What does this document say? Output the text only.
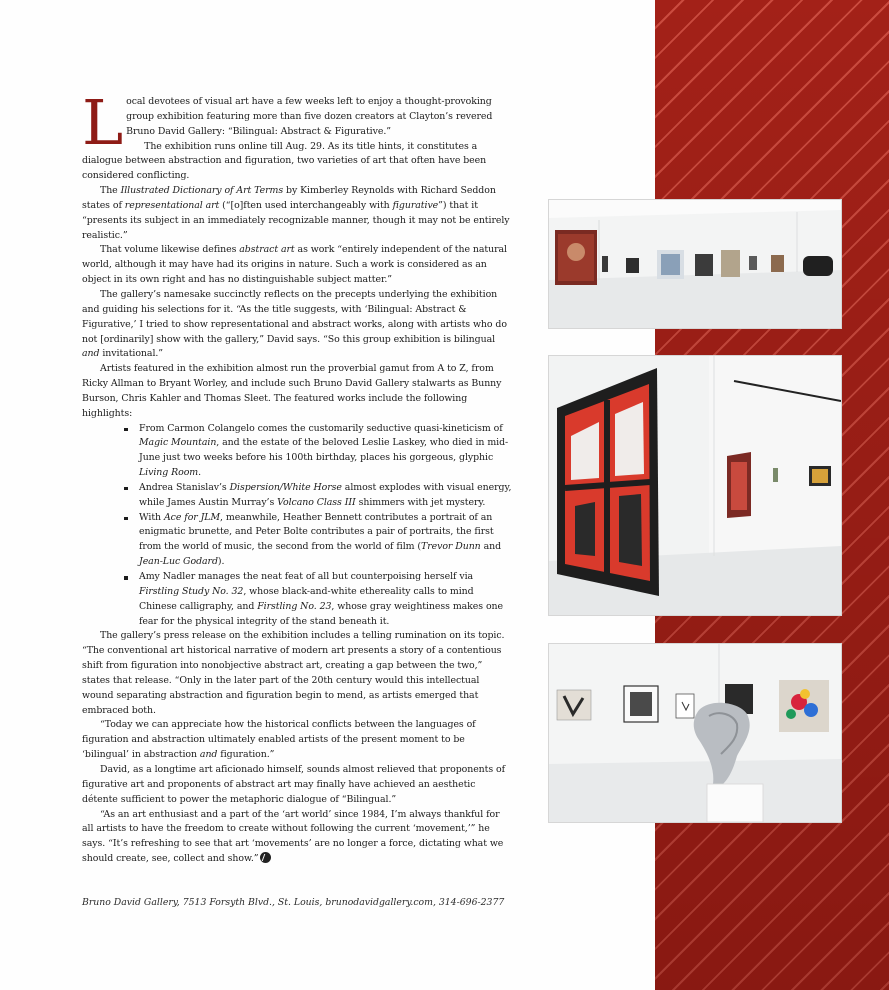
Local devotees of visual art have a few weeks left to enjoy a thought-provoking group exhibition featuring more than five dozen creators at Clayton’s revered Bruno David Gallery: “Bilingual: Abstract & Figurative.”

The exhibition runs online till Aug. 29. As its title hints, it constitutes a dialogue between abstraction and figuration, two varieties of art that often have been considered conflicting.

The Illustrated Dictionary of Art Terms by Kimberley Reynolds with Richard Seddon states of representational art (“[o]ften used interchangeably with figurative”) that it “presents its subject in an immediately recognizable manner, though it may not be entirely realistic.”

That volume likewise defines abstract art as work “entirely independent of the natural world, although it may have had its origins in nature. Such a work is considered as an object in its own right and has no distinguishable subject matter.”

The gallery’s namesake succinctly reflects on the precepts underlying the exhibition and guiding his selections for it. “As the title suggests, with ‘Bilingual: Abstract & Figurative,’ I tried to show representational and abstract works, along with artists who do not [ordinarily] show with the gallery,” David says. “So this group exhibition is bilingual and invitational.”

Artists featured in the exhibition almost run the proverbial gamut from A to Z, from Ricky Allman to Bryant Worley, and include such Bruno David Gallery stalwarts as Bunny Burson, Chris Kahler and Thomas Sleet. The featured works include the following highlights:

From Carmon Colangelo comes the customarily seductive quasi-kineticism of Magic Mountain, and the estate of the beloved Leslie Laskey, who died in mid-June just two weeks before his 100th birthday, places his gorgeous, glyphic Living Room.
Andrea Stanislav’s Dispersion/White Horse almost explodes with visual energy, while James Austin Murray’s Volcano Class III shimmers with jet mystery.
With Ace for JLM, meanwhile, Heather Bennett contributes a portrait of an enigmatic brunette, and Peter Bolte contributes a pair of portraits, the first from the world of music, the second from the world of film (Trevor Dunn and Jean-Luc Godard).
Amy Nadler manages the neat feat of all but counterpoising herself via Firstling Study No. 32, whose black-and-white ethereality calls to mind Chinese calligraphy, and Firstling No. 23, whose gray weightiness makes one fear for the physical integrity of the stand beneath it.

The gallery’s press release on the exhibition includes a telling rumination on its topic. “The conventional art historical narrative of modern art presents a story of a contentious shift from figuration into nonobjective abstract art, creating a gap between the two,” states that release. “Only in the later part of the 20th century would this intellectual wound separating abstraction and figuration begin to mend, as artists emerged that embraced both.

“Today we can appreciate how the historical conflicts between the languages of figuration and abstraction ultimately enabled artists of the present moment to be ‘bilingual’ in abstraction and figuration.”

David, as a longtime art aficionado himself, sounds almost relieved that proponents of figurative art and proponents of abstract art may finally have achieved an aesthetic détente sufficient to power the metaphoric dialogue of “Bilingual.”

“As an art enthusiast and a part of the ‘art world’ since 1984, I’m always thankful for all artists to have the freedom to create without following the current ‘movement,’” he says. “It’s refreshing to see that art ‘movements’ are no longer a force, dictating what we should create, see, collect and show.”

Bruno David Gallery, 7513 Forsyth Blvd., St. Louis, brunodavidgallery.com, 314-696-2377
